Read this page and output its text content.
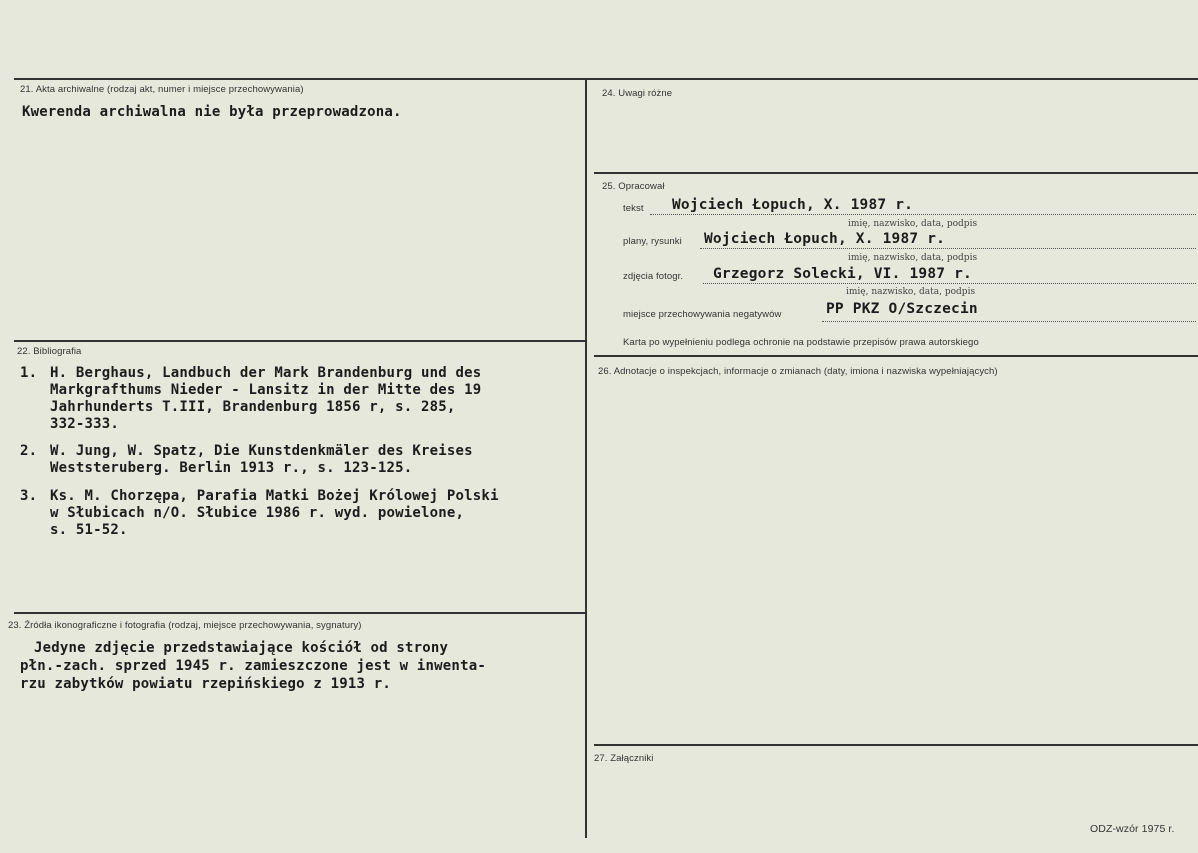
21. Akta archiwalne (rodzaj akt, numer i miejsce przechowywania)
Kwerenda archiwalna nie była przeprowadzona.
22. Bibliografia
1. H. Berghaus, Landbuch der Mark Brandenburg und des
Markgrafthums Nieder - Lansitz in der Mitte des 19
Jahrhunderts T.III, Brandenburg 1856 r, s. 285,
332-333.
2. W. Jung, W. Spatz, Die Kunstdenkmäler des Kreises
Weststeruberg. Berlin 1913 r., s. 123-125.
3. Ks. M. Chorzępa, Parafia Matki Bożej Królowej Polski
w Słubicach n/O. Słubice 1986 r. wyd. powielone,
s. 51-52.
23. Źródła ikonograficzne i fotografia (rodzaj, miejsce przechowywania, sygnatury)
Jedyne zdjęcie przedstawiające kościół od strony
płn.-zach. sprzed 1945 r. zamieszczone jest w inwenta-
rzu zabytków powiatu rzepińskiego z 1913 r.
24. Uwagi różne
25. Opracował
tekst Wojciech Łopuch, X. 1987 r.
imię, nazwisko, data, podpis
plany, rysunki Wojciech Łopuch, X. 1987 r.
imię, nazwisko, data, podpis
zdjęcia fotogr. Grzegorz Solecki, VI. 1987 r.
imię, nazwisko, data, podpis
miejsce przechowywania negatywów	PP PKZ O/Szczecin
Karta po wypełnieniu podlega ochronie na podstawie przepisów prawa autorskiego
26. Adnotacje o inspekcjach, informacje o zmianach (daty, imiona i nazwiska wypełniających)
27. Załączniki
ODZ-wzór 1975 r.
